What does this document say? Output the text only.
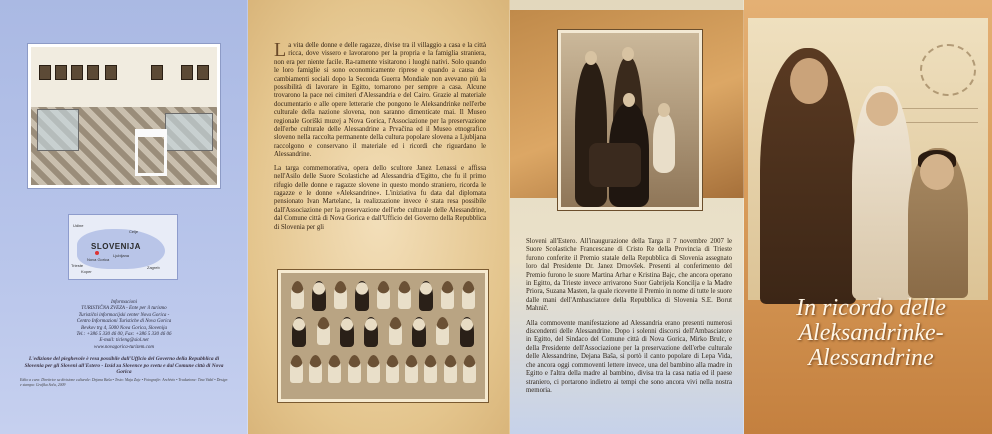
SLOVENIJA
Celje
Ljubljana
Nova Gorica
Koper
Trieste
Udine
Zagreb
Informacioni
TURISTIČNA ZVEZA - Ente per il turismo
Turistični informacijski center Nova Gorica -
Centro Informazioni Turistiche di Nova Gorica
Bevkov trg 4, 5000 Nova Gorica, Slovenija
Tel.: +386 5 330 46 00, Fax: +386 5 330 46 06
E-mail: ticleng@siol.net
www.novagorica-turizem.com
L'edizione del pieghevole è resa possibile dall'Ufficio del Governo della Repubblica di Slovenia per gli Sloveni all'Estero - Izsid za Slovence po svetu e dal Comune città di Nova Gorica
Edito a cura: Direttrice sa divisione culturale: Dejana Baša • Testo: Maja Zajc • Fotografie: Archivio • Traduzione: Tina Vidal • Design e stampa: Grafika Soča, 2009

La vita delle donne e delle ragazze, divise tra il villaggio a casa e la città ricca, dove vissero e lavorarono per la propria e la famiglia straniera, non era per niente facile. Ra-ramente visitarono i luoghi nativi. Solo quando le loro famiglie si sono economicamente riprese e quando a causa dei cambiamenti sociali dopo la Seconda Guerra Mondiale non avevano più la possibilità di lavorare in Egitto, tornarono per sempre a casa. Alcune trovarono la pace nei cimiteri d'Alessandria e del Cairo. Grazie al materiale documentario e alle opere letterarie che pongono le Aleksandrinke nell'erbe culturale della nazione slovena, non saranno dimenticate mai. Il Museo regionale Goriški muzej a Nova Gorica, l'Associazione per la preservazione dell'erbe culturale delle Alessandrine a Prvačina ed il Museo etnografico sloveno nella raccolta permanente della cultura popolare slovena a Ljubljana raccolgono e conservano il materiale ed i ricordi che riguardano le Alessandrine.

La targa commemorativa, opera dello scultore Janez Lenassi e affissa nell'Asilo delle Suore Scolastiche ad Alessandria d'Egitto, che fu il primo rifugio delle donne e ragazze slovene in questo mondo straniero, ricorda le ragazze e le donne »Aleksandrine«. L'iniziativa fu data dal diplomata pensionato Ivan Martelanc, la realizzazione invece è stata resa possibile dall'Associazione per la preservazione dell'erbe culturale delle Alessandrine, dal Comune città di Nova Gorica e dall'Ufficio del Governo della Repubblica di Slovenia per gli

Sloveni all'Estero. All'inaugurazione della Targa il 7 novembre 2007 le Suore Scolastiche Francescane di Cristo Re della Provincia di Trieste furono conferite il Premio statale della Repubblica di Slovenia assegnato loro dal Presidente Dr. Janez Drnovšek. Presenti al conferimento del Premio furono le suore Martina Arhar e Kristina Bajc, che ancora operano in Egitto, da Trieste invece arrivarono Suor Gabrijela Koncilja e la Madre Priora, Suzana Masten, la quale ricevette il Premio in nome di tutte le suore dalle mani dell'Ambasciatore della Repubblica di Slovenia S.E. Borut Mahnič.

Alla commovente manifestazione ad Alessandria erano presenti numerosi discendenti delle Alessandrine. Dopo i solenni discorsi dell'Ambasciatore in Egitto, del Sindaco del Comune città di Nova Gorica, Mirko Brulc, e della Presidente dell'Associazione per la preservazione dell'erbe culturale delle Alessandrine, Dejana Baša, si portò il canto popolare di Lepa Vida, che ancora oggi commoventi lettere invece, una del bambino alla madre in Egitto e l'altra della madre al bambino, divisa tra la casa natia ed il paese straniero, ci portarono indietro ai tempi che sono ancora vivi nella nostra memoria.

In ricordo delle
Aleksandrinke-
Alessandrine
